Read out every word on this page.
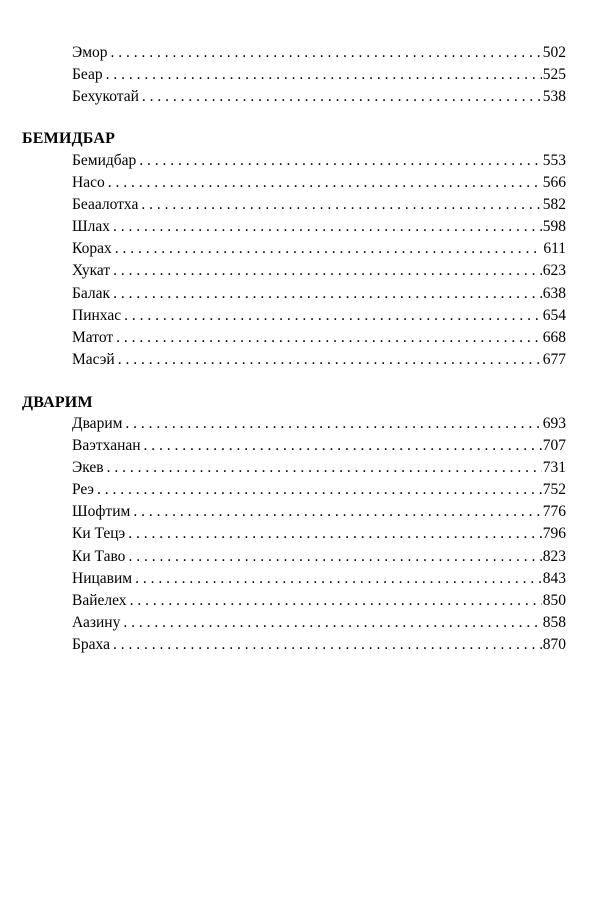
Эмор . . .	502
Беар . . .	525
Бехукотай . . .	538
БЕМИДБАР
Бемидбар . . .	553
Насо . . .	566
Беаалотха . . .	582
Шлах . . .	598
Корах . . .	611
Хукат . . .	623
Балак . . .	638
Пинхас . . .	654
Матот . . .	668
Масэй . . .	677
ДВАРИМ
Дварим . . .	693
Ваэтханан . . .	707
Экев . . .	731
Реэ . . .	752
Шофтим . . .	776
Ки Тецэ . . .	796
Ки Таво . . .	823
Ницавим . . .	843
Вайелех . . .	850
Аазину . . .	858
Браха . . .	870
